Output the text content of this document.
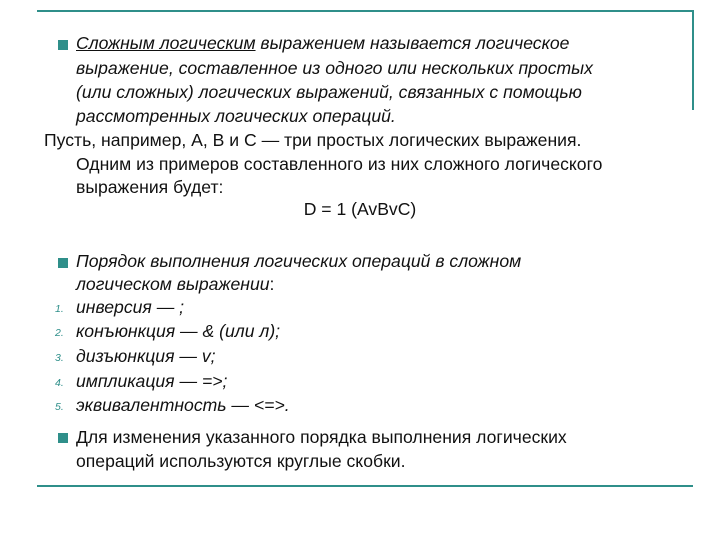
Сложным логическим выражением называется логическое
выражение, составленное из одного или нескольких простых
(или сложных) логических выражений, связанных с помощью
рассмотренных логических операций.
Пусть, например, A, B и C — три простых логических выражения.
Одним из примеров составленного из них сложного логического
выражения будет:
D = 1 (AvBvC)
Порядок выполнения логических операций в сложном
логическом выражении:
1. инверсия — ;
2. конъюнкция — & (или л);
3. дизъюнкция — v;
4. импликация — =>;
5. эквивалентность — <=>.
Для изменения указанного порядка выполнения логических
операций используются круглые скобки.
